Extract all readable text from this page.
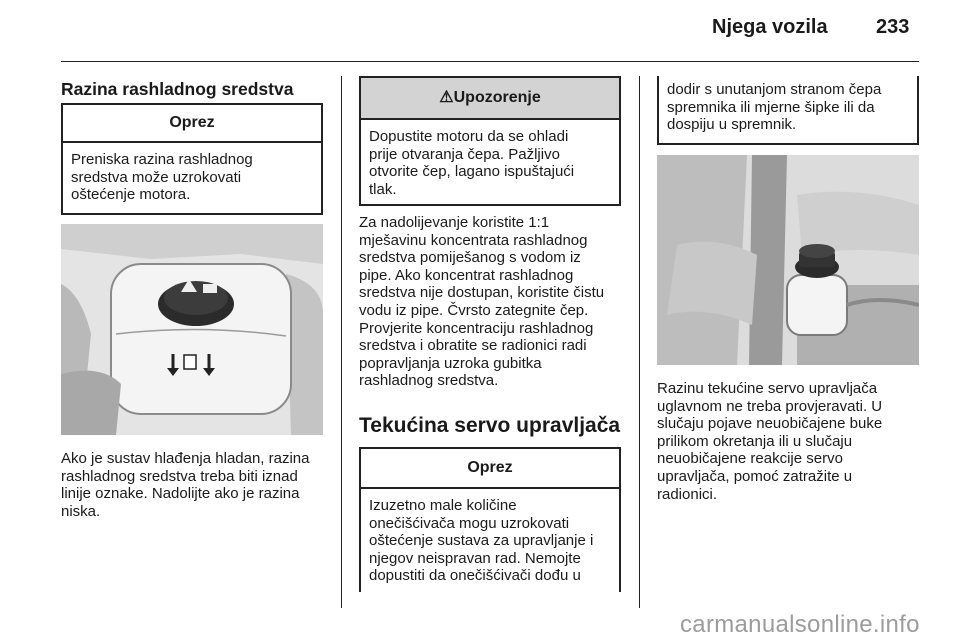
Njega vozila 233
Razina rashladnog sredstva
Oprez

Preniska razina rashladnog
sredstva može uzrokovati
oštećenje motora.

Ako je sustav hlađenja hladan, razina
rashladnog sredstva treba biti iznad
linije oznake. Nadolijte ako je razina
niska.

⚠Upozorenje

Dopustite motoru da se ohladi
prije otvaranja čepa. Pažljivo
otvorite čep, lagano ispuštajući
tlak.

Za nadolijevanje koristite 1:1
mješavinu koncentrata rashladnog
sredstva pomiješanog s vodom iz
pipe. Ako koncentrat rashladnog
sredstva nije dostupan, koristite čistu
vodu iz pipe. Čvrsto zategnite čep.
Provjerite koncentraciju rashladnog
sredstva i obratite se radionici radi
popravljanja uzroka gubitka
rashladnog sredstva.

Tekućina servo upravljača
Oprez

Izuzetno male količine
onečišćivača mogu uzrokovati
oštećenje sustava za upravljanje i
njegov neispravan rad. Nemojte
dopustiti da onečišćivači dođu u

dodir s unutanjom stranom čepa
spremnika ili mjerne šipke ili da
dospiju u spremnik.

Razinu tekućine servo upravljača
uglavnom ne treba provjeravati. U
slučaju pojave neuobičajene buke
prilikom okretanja ili u slučaju
neuobičajene reakcije servo
upravljača, pomoć zatražite u
radionici.

carmanualsonline.info
